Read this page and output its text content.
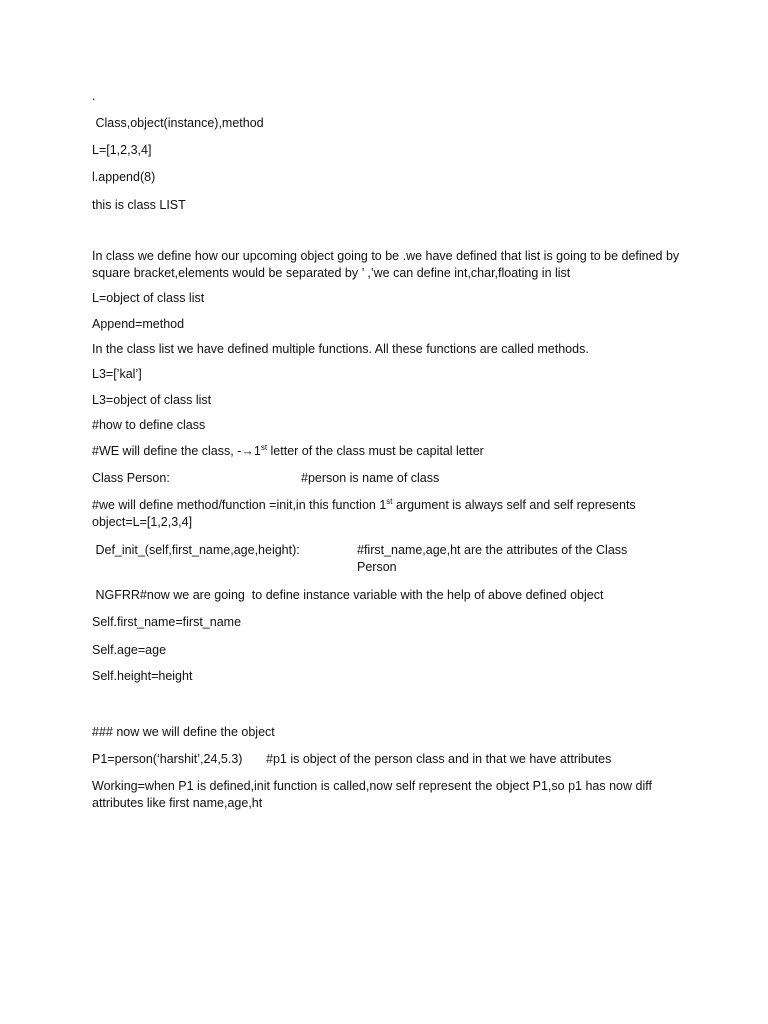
.
Class,object(instance),method
L=[1,2,3,4]
l.append(8)
this is class LIST
In class we define how our upcoming object going to be .we have defined that list is going to be defined by square bracket,elements would be separated by ’ ,’we can define int,char,floating in list
L=object of class list
Append=method
In the class list we have defined multiple functions. All these functions are called methods.
L3=[’kal’]
L3=object of class list
#how to define class
#WE will define the class, -→1st letter of the class must be capital letter
Class Person:	#person is name of class
#we will define method/function =init,in this function 1st argument is always self and self represents object=L=[1,2,3,4]
Def_init_(self,first_name,age,height):	#first_name,age,ht are the attributes of the Class Person
NGFRR#now we are going  to define instance variable with the help of above defined object
Self.first_name=first_name
Self.age=age
Self.height=height
### now we will define the object
P1=person(‘harshit’,24,5.3) #p1 is object of the person class and in that we have attributes
Working=when P1 is defined,init function is called,now self represent the object P1,so p1 has now diff attributes like first name,age,ht
